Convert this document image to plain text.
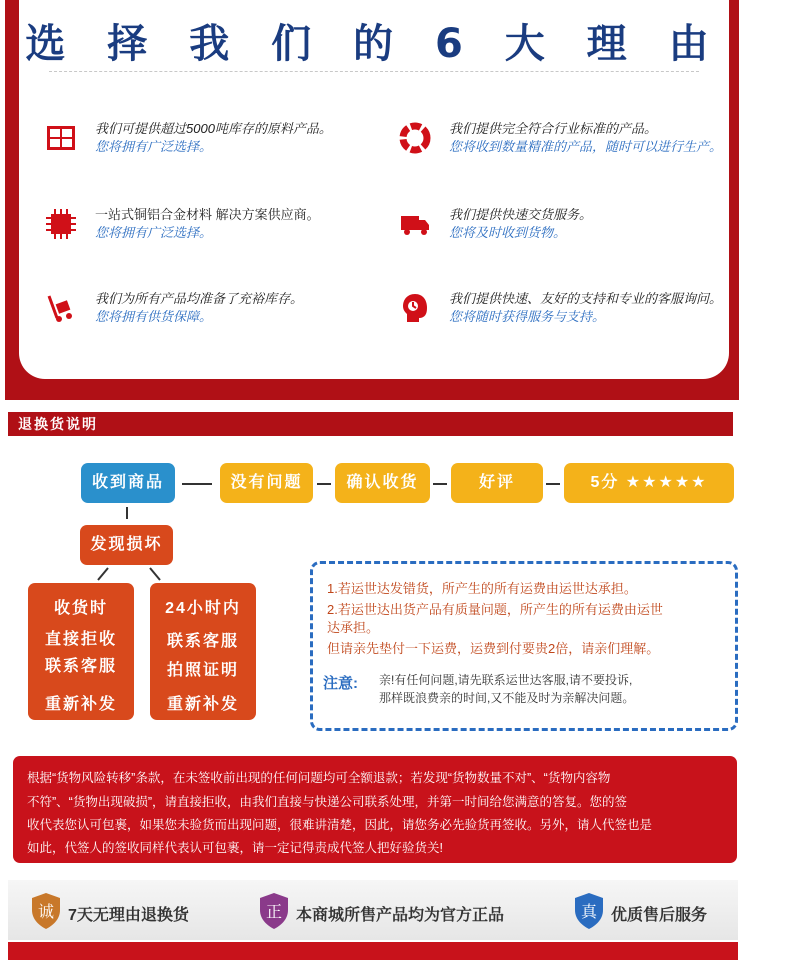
选 择 我 们 的 6 大 理 由
我们可提供超过5000吨库存的原料产品。
您将拥有广泛选择。
我们提供完全符合行业标准的产品。
您将收到数量精准的产品，随时可以进行生产。
一站式铜铝合金材料 解决方案供应商。
您将拥有广泛选择。
我们提供快速交货服务。
您将及时收到货物。
我们为所有产品均准备了充裕库存。
您将拥有供货保障。
我们提供快速、友好的支持和专业的客服询问。
您将随时获得服务与支持。
退换货说明
收到商品	没有问题	确认收货	好评	5分 ★★★★★
发现损坏
收货时
直接拒收
联系客服
重新补发
24小时内
联系客服
拍照证明
重新补发
1.若运世达发错货，所产生的所有运费由运世达承担。
2.若运世达出货产品有质量问题，所产生的所有运费由运世
达承担。
但请亲先垫付一下运费，运费到付要贵2倍，请亲们理解。
注意: 亲!有任何问题,请先联系运世达客服,请不要投诉,
那样既浪费亲的时间,又不能及时为亲解决问题。
根据“货物风险转移”条款，在未签收前出现的任何问题均可全额退款；若发现“货物数量不对”、“货物内容物
不符”、“货物出现破损”，请直接拒收，由我们直接与快递公司联系处理，并第一时间给您满意的答复。您的签
收代表您认可包裹，如果您未验货而出现问题，很难讲清楚，因此，请您务必先验货再签收。另外，请人代签也是
如此，代签人的签收同样代表认可包裹，请一定记得责成代签人把好验货关!
诚 7天无理由退换货	正 本商城所售产品均为官方正品	真 优质售后服务
